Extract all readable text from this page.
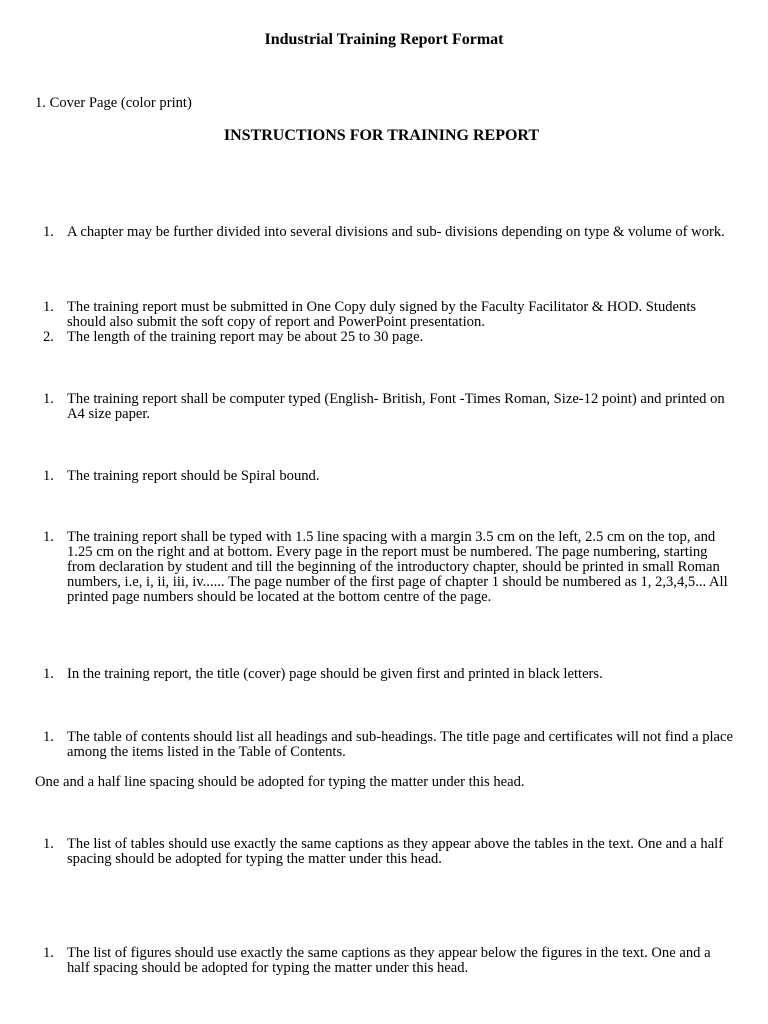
Industrial Training Report Format
1. Cover Page (color print)
INSTRUCTIONS FOR TRAINING REPORT
1. A chapter may be further divided into several divisions and sub- divisions depending on type & volume of work.
1. The training report must be submitted in One Copy duly signed by the Faculty Facilitator & HOD. Students should also submit the soft copy of report and PowerPoint presentation.
2. The length of the training report may be about 25 to 30 page.
1. The training report shall be computer typed (English- British, Font -Times Roman, Size-12 point) and printed on A4 size paper.
1. The training report should be Spiral bound.
1. The training report shall be typed with 1.5 line spacing with a margin 3.5 cm on the left, 2.5 cm on the top, and 1.25 cm on the right and at bottom. Every page in the report must be numbered. The page numbering, starting from declaration by student and till the beginning of the introductory chapter, should be printed in small Roman numbers, i.e, i, ii, iii, iv...... The page number of the first page of chapter 1 should be numbered as 1, 2,3,4,5... All printed page numbers should be located at the bottom centre of the page.
1. In the training report, the title (cover) page should be given first and printed in black letters.
1. The table of contents should list all headings and sub-headings. The title page and certificates will not find a place among the items listed in the Table of Contents.
One and a half line spacing should be adopted for typing the matter under this head.
1. The list of tables should use exactly the same captions as they appear above the tables in the text. One and a half spacing should be adopted for typing the matter under this head.
1. The list of figures should use exactly the same captions as they appear below the figures in the text. One and a half spacing should be adopted for typing the matter under this head.
